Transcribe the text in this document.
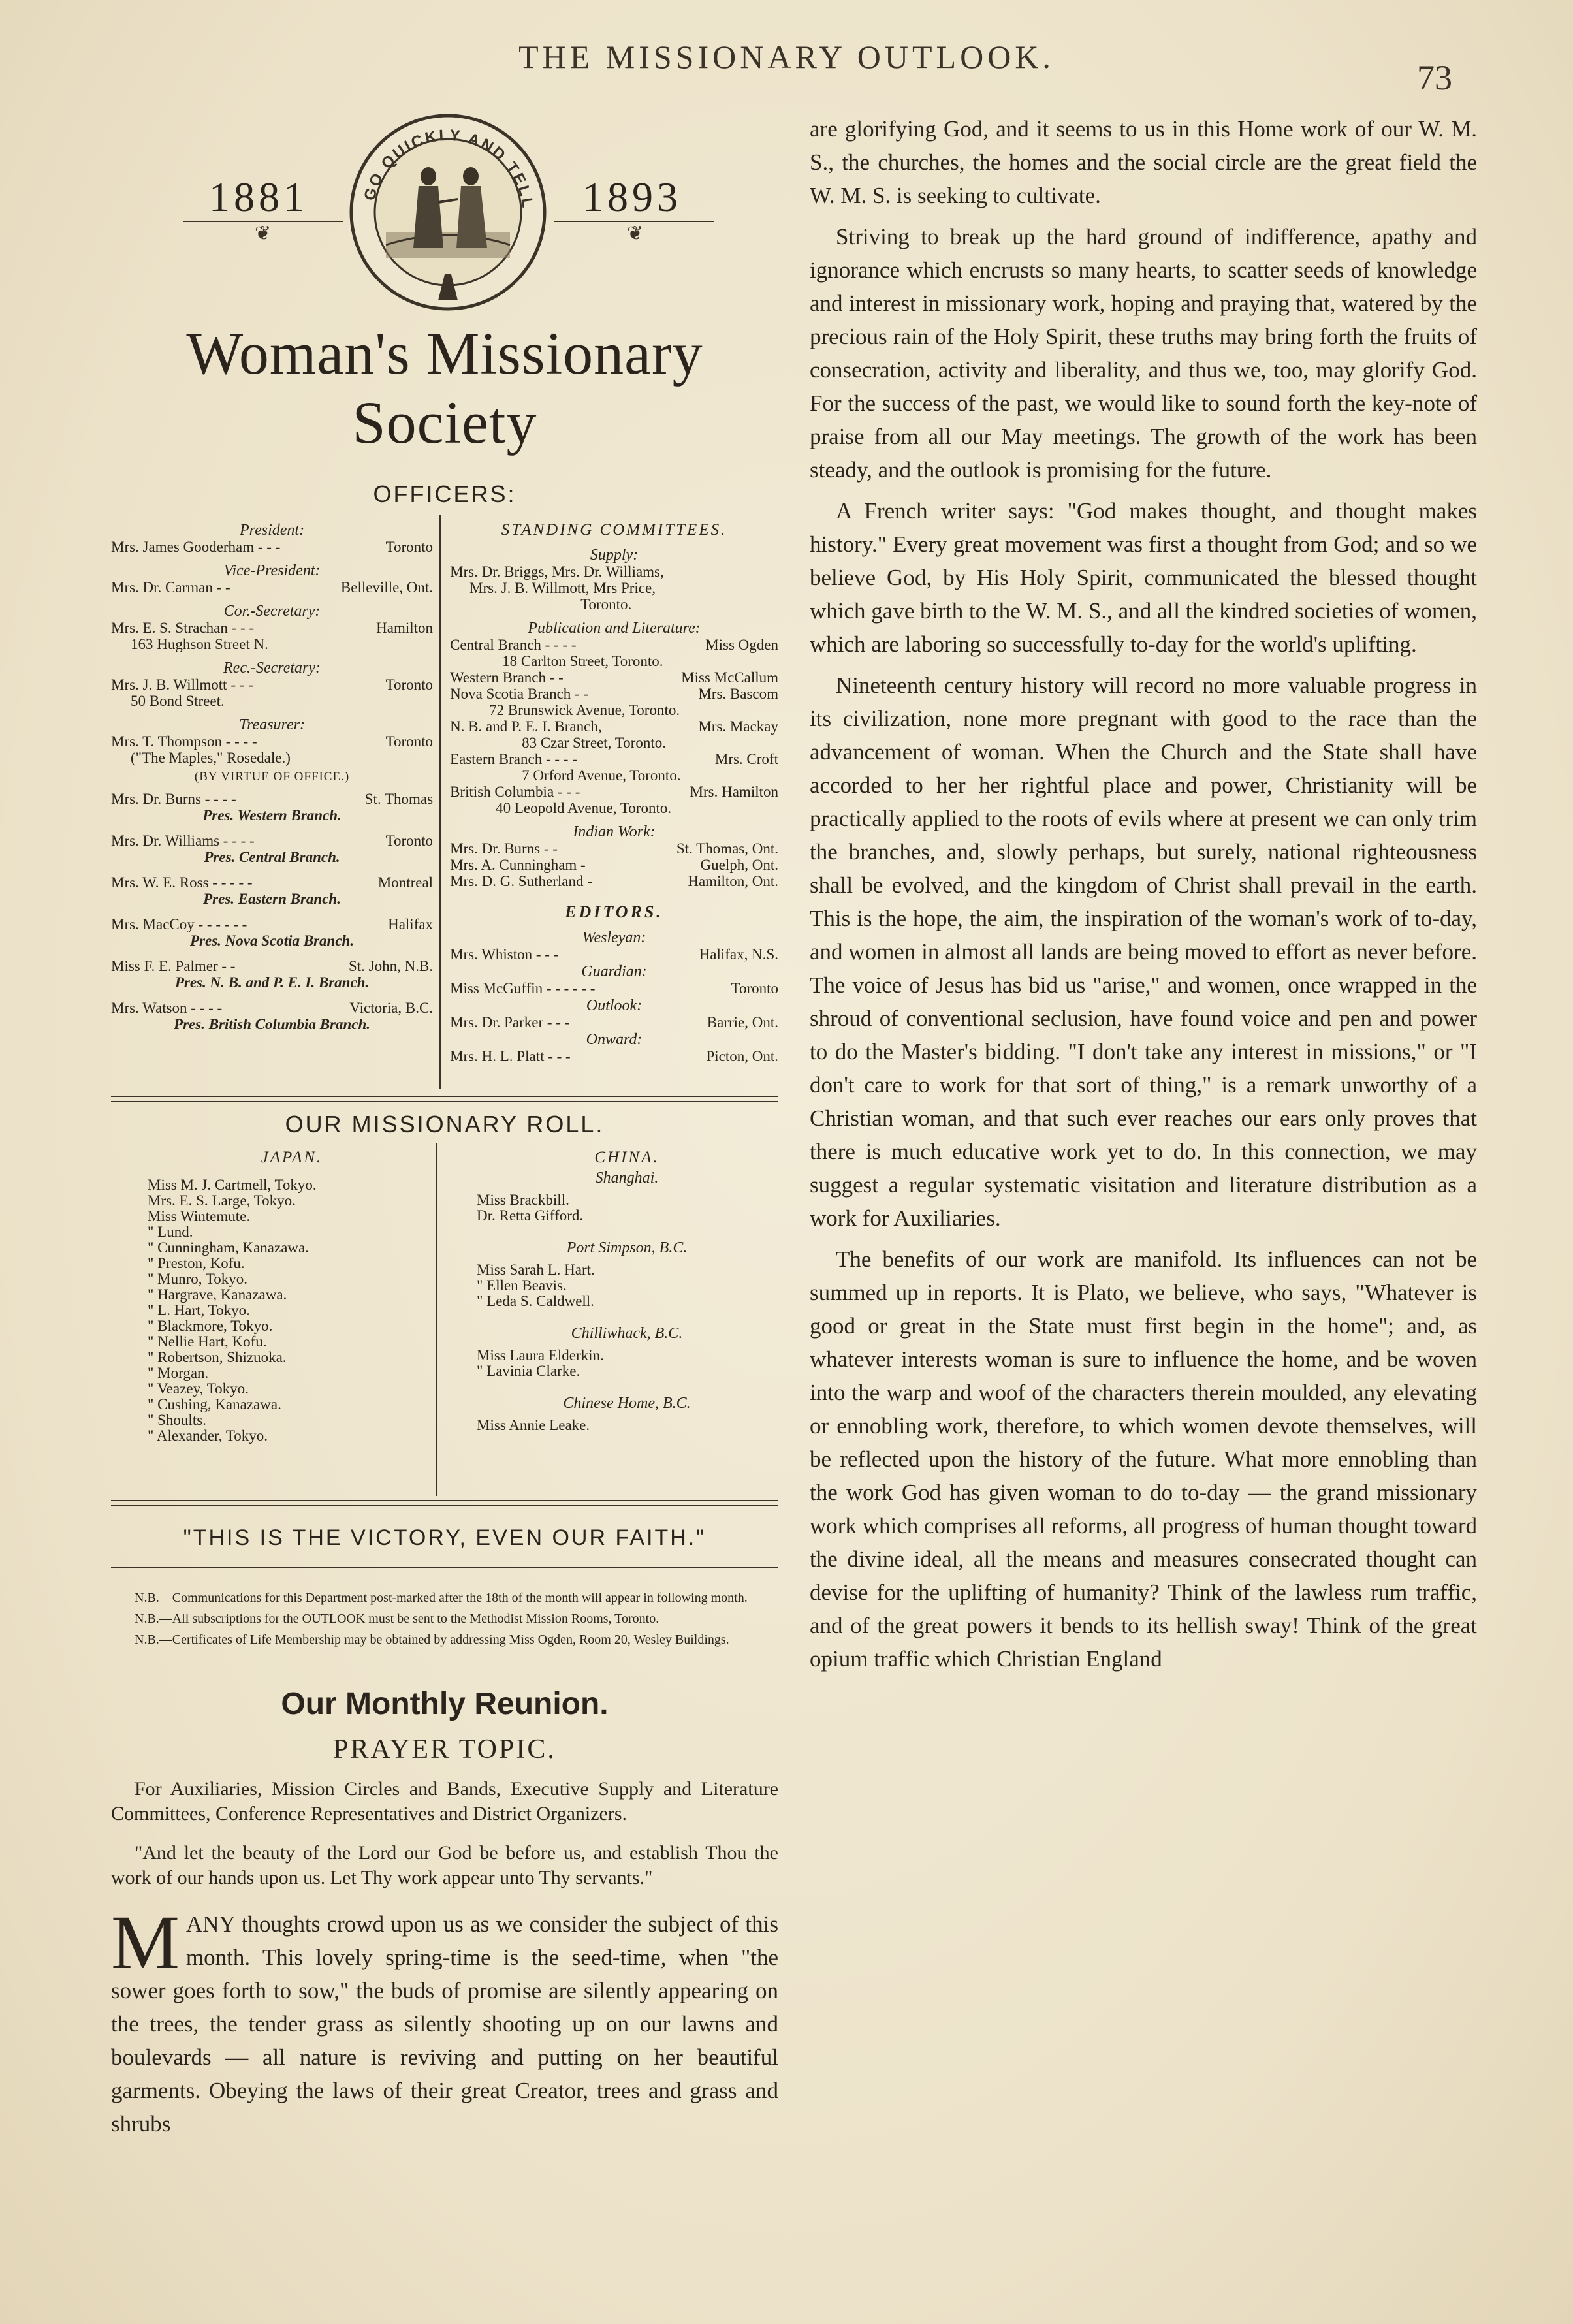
THE MISSIONARY OUTLOOK.
73
1881	1893
❦	❦
GO QUICKLY AND TELL
Woman's Missionary Society
OFFICERS:
President:
Mrs. James Gooderham - - -	Toronto
Vice-President:
Mrs. Dr. Carman - -	Belleville, Ont.
Cor.-Secretary:
Mrs. E. S. Strachan - - -	Hamilton
163 Hughson Street N.
Rec.-Secretary:
Mrs. J. B. Willmott - - -	Toronto
50 Bond Street.
Treasurer:
Mrs. T. Thompson - - - -	Toronto
("The Maples," Rosedale.)
(BY VIRTUE OF OFFICE.)
Mrs. Dr. Burns - - - -	St. Thomas
Pres. Western Branch.
Mrs. Dr. Williams - - - -	Toronto
Pres. Central Branch.
Mrs. W. E. Ross - - - - -	Montreal
Pres. Eastern Branch.
Mrs. MacCoy - - - - - -	Halifax
Pres. Nova Scotia Branch.
Miss F. E. Palmer - -	St. John, N.B.
Pres. N. B. and P. E. I. Branch.
Mrs. Watson - - - -	Victoria, B.C.
Pres. British Columbia Branch.
STANDING COMMITTEES.
Supply:
Mrs. Dr. Briggs, Mrs. Dr. Williams,
Mrs. J. B. Willmott, Mrs Price,
Toronto.
Publication and Literature:
Central Branch - - - -	Miss Ogden
18 Carlton Street, Toronto.
Western Branch - -	Miss McCallum
Nova Scotia Branch - -	Mrs. Bascom
72 Brunswick Avenue, Toronto.
N. B. and P. E. I. Branch,	Mrs. Mackay
83 Czar Street, Toronto.
Eastern Branch - - - -	Mrs. Croft
7 Orford Avenue, Toronto.
British Columbia - - -	Mrs. Hamilton
40 Leopold Avenue, Toronto.
Indian Work:
Mrs. Dr. Burns - -	St. Thomas, Ont.
Mrs. A. Cunningham -	Guelph, Ont.
Mrs. D. G. Sutherland -	Hamilton, Ont.
EDITORS.
Wesleyan:
Mrs. Whiston - - -	Halifax, N.S.
Guardian:
Miss McGuffin - - - - - -	Toronto
Outlook:
Mrs. Dr. Parker - - -	Barrie, Ont.
Onward:
Mrs. H. L. Platt - - -	Picton, Ont.
OUR MISSIONARY ROLL.
JAPAN.
Miss M. J. Cartmell, Tokyo.
Mrs. E. S. Large, Tokyo.
Miss Wintemute.
" Lund.
" Cunningham, Kanazawa.
" Preston, Kofu.
" Munro, Tokyo.
" Hargrave, Kanazawa.
" L. Hart, Tokyo.
" Blackmore, Tokyo.
" Nellie Hart, Kofu.
" Robertson, Shizuoka.
" Morgan.
" Veazey, Tokyo.
" Cushing, Kanazawa.
" Shoults.
" Alexander, Tokyo.
CHINA.
Shanghai.
Miss Brackbill.
Dr. Retta Gifford.
Port Simpson, B.C.
Miss Sarah L. Hart.
" Ellen Beavis.
" Leda S. Caldwell.
Chilliwhack, B.C.
Miss Laura Elderkin.
" Lavinia Clarke.
Chinese Home, B.C.
Miss Annie Leake.
"THIS IS THE VICTORY, EVEN OUR FAITH."

N.B.—Communications for this Department post-marked after the 18th of the month will appear in following month.

N.B.—All subscriptions for the OUTLOOK must be sent to the Methodist Mission Rooms, Toronto.

N.B.—Certificates of Life Membership may be obtained by addressing Miss Ogden, Room 20, Wesley Buildings.

Our Monthly Reunion.
PRAYER TOPIC.
For Auxiliaries, Mission Circles and Bands, Executive Supply and Literature Committees, Conference Representatives and District Organizers.
"And let the beauty of the Lord our God be before us, and establish Thou the work of our hands upon us. Let Thy work appear unto Thy servants."
MANY thoughts crowd upon us as we consider the subject of this month. This lovely spring-time is the seed-time, when "the sower goes forth to sow," the buds of promise are silently appearing on the trees, the tender grass as silently shooting up on our lawns and boulevards — all nature is reviving and putting on her beautiful garments. Obeying the laws of their great Creator, trees and grass and shrubs

are glorifying God, and it seems to us in this Home work of our W. M. S., the churches, the homes and the social circle are the great field the W. M. S. is seeking to cultivate.

Striving to break up the hard ground of indifference, apathy and ignorance which encrusts so many hearts, to scatter seeds of knowledge and interest in missionary work, hoping and praying that, watered by the precious rain of the Holy Spirit, these truths may bring forth the fruits of consecration, activity and liberality, and thus we, too, may glorify God. For the success of the past, we would like to sound forth the key-note of praise from all our May meetings. The growth of the work has been steady, and the outlook is promising for the future.

A French writer says: "God makes thought, and thought makes history." Every great movement was first a thought from God; and so we believe God, by His Holy Spirit, communicated the blessed thought which gave birth to the W. M. S., and all the kindred societies of women, which are laboring so successfully to-day for the world's uplifting.

Nineteenth century history will record no more valuable progress in its civilization, none more pregnant with good to the race than the advancement of woman. When the Church and the State shall have accorded to her her rightful place and power, Christianity will be practically applied to the roots of evils where at present we can only trim the branches, and, slowly perhaps, but surely, national righteousness shall be evolved, and the kingdom of Christ shall prevail in the earth. This is the hope, the aim, the inspiration of the woman's work of to-day, and women in almost all lands are being moved to effort as never before. The voice of Jesus has bid us "arise," and women, once wrapped in the shroud of conventional seclusion, have found voice and pen and power to do the Master's bidding. "I don't take any interest in missions," or "I don't care to work for that sort of thing," is a remark unworthy of a Christian woman, and that such ever reaches our ears only proves that there is much educative work yet to do. In this connection, we may suggest a regular systematic visitation and literature distribution as a work for Auxiliaries.

The benefits of our work are manifold. Its influences can not be summed up in reports. It is Plato, we believe, who says, "Whatever is good or great in the State must first begin in the home"; and, as whatever interests woman is sure to influence the home, and be woven into the warp and woof of the characters therein moulded, any elevating or ennobling work, therefore, to which women devote themselves, will be reflected upon the history of the future. What more ennobling than the work God has given woman to do to-day — the grand missionary work which comprises all reforms, all progress of human thought toward the divine ideal, all the means and measures consecrated thought can devise for the uplifting of humanity? Think of the lawless rum traffic, and of the great powers it bends to its hellish sway! Think of the great opium traffic which Christian England
